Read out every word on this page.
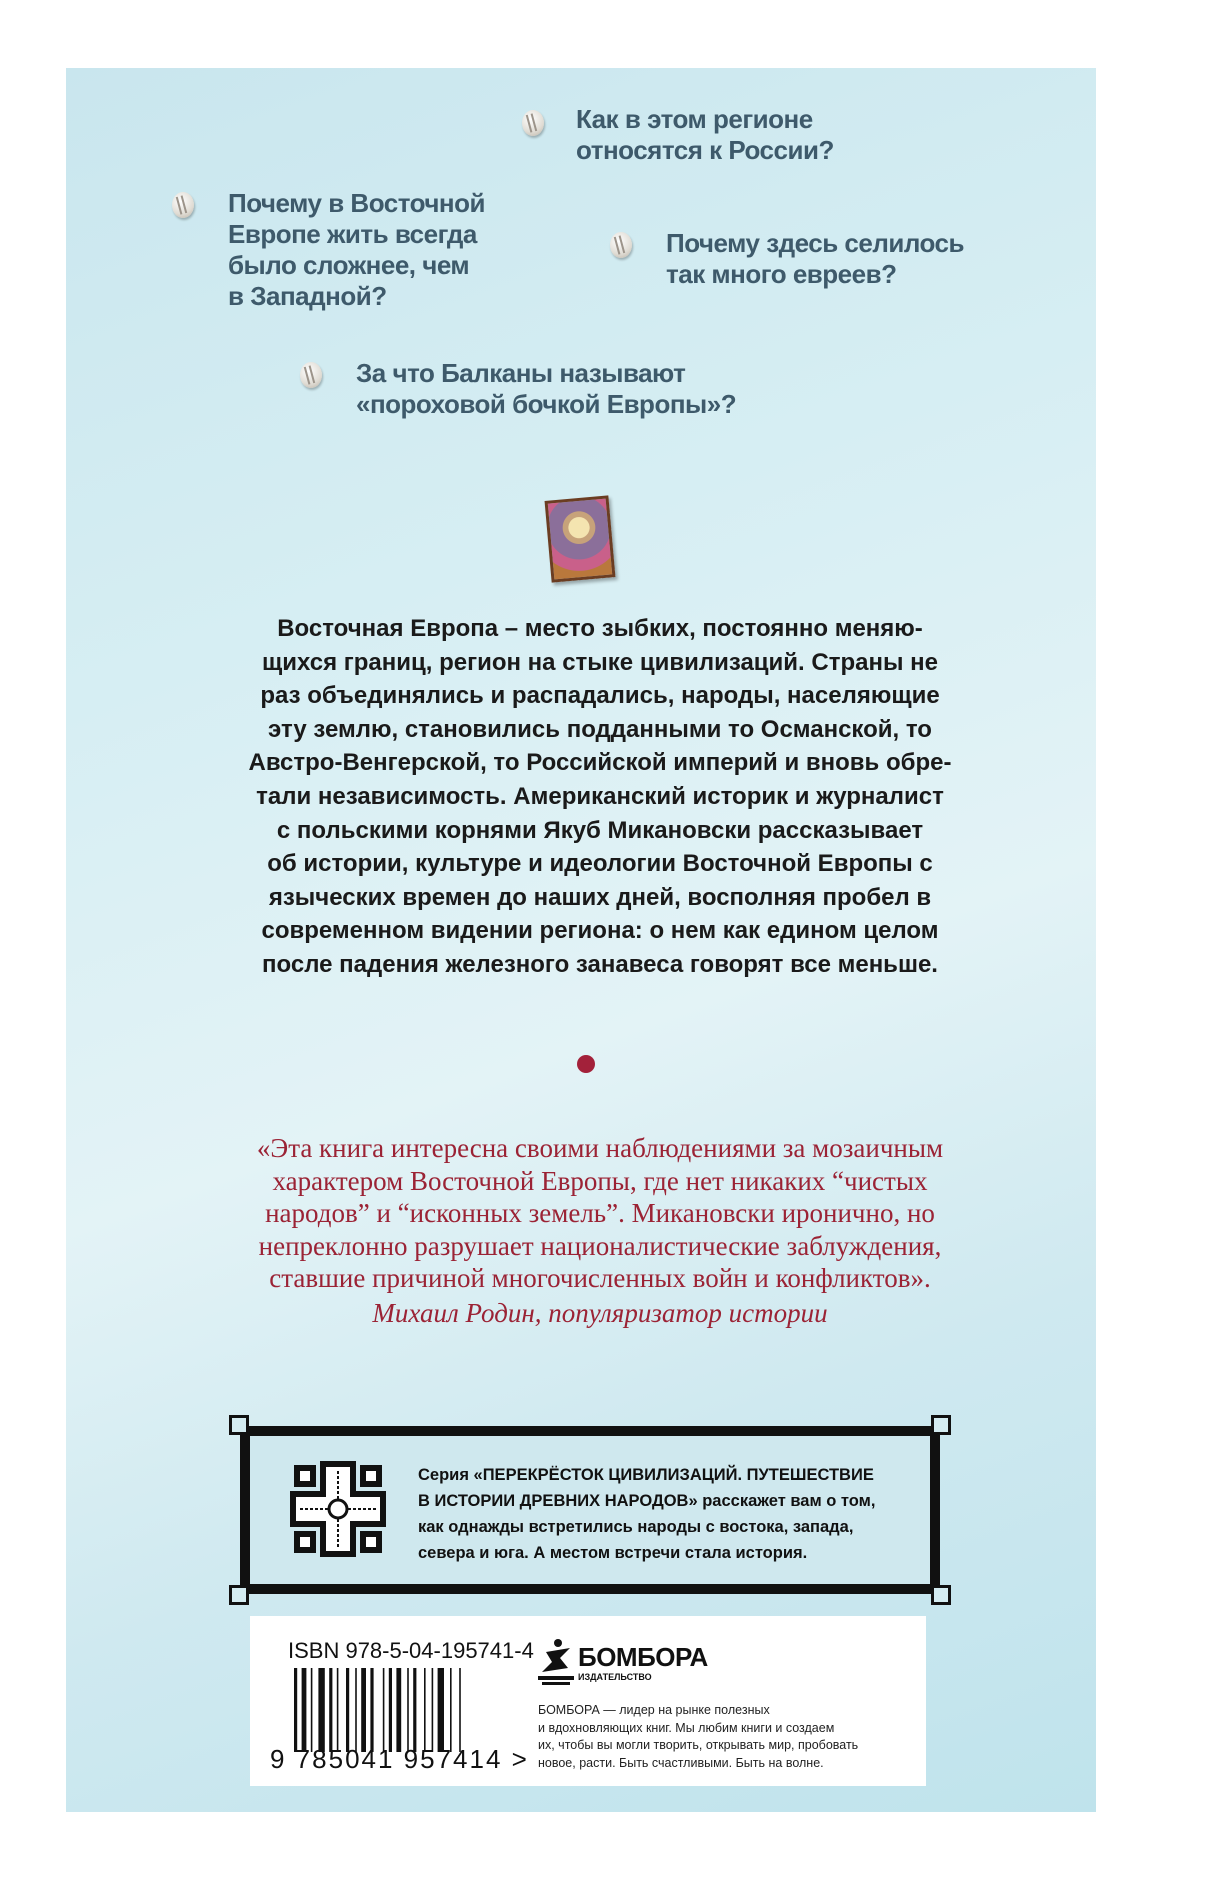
Как в этом регионе
относятся к России?
Почему в Восточной
Европе жить всегда
было сложнее, чем
в Западной?
Почему здесь селилось
так много евреев?
За что Балканы называют
«пороховой бочкой Европы»?
Восточная Европа – место зыбких, постоянно меняю-
щихся границ, регион на стыке цивилизаций. Страны не
раз объединялись и распадались, народы, населяющие
эту землю, становились подданными то Османской, то
Австро-Венгерской, то Российской империй и вновь обре-
тали независимость. Американский историк и журналист
с польскими корнями Якуб Микановски рассказывает
об истории, культуре и идеологии Восточной Европы с
языческих времен до наших дней, восполняя пробел в
современном видении региона: о нем как едином целом
после падения железного занавеса говорят все меньше.
«Эта книга интересна своими наблюдениями за мозаичным
характером Восточной Европы, где нет никаких “чистых
народов” и “исконных земель”. Микановски иронично, но
непреклонно разрушает националистические заблуждения,
ставшие причиной многочисленных войн и конфликтов».
Михаил Родин, популяризатор истории
Серия «ПЕРЕКРЁСТОК ЦИВИЛИЗАЦИЙ. ПУТЕШЕСТВИЕ
В ИСТОРИИ ДРЕВНИХ НАРОДОВ» расскажет вам о том,
как однажды встретились народы с востока, запада,
севера и юга. А местом встречи стала история.
ISBN 978-5-04-195741-4
9 785041 957414 >
БОМБОРА
ИЗДАТЕЛЬСТВО
БОМБОРА — лидер на рынке полезных
и вдохновляющих книг. Мы любим книги и создаем
их, чтобы вы могли творить, открывать мир, пробовать
новое, расти. Быть счастливыми. Быть на волне.
